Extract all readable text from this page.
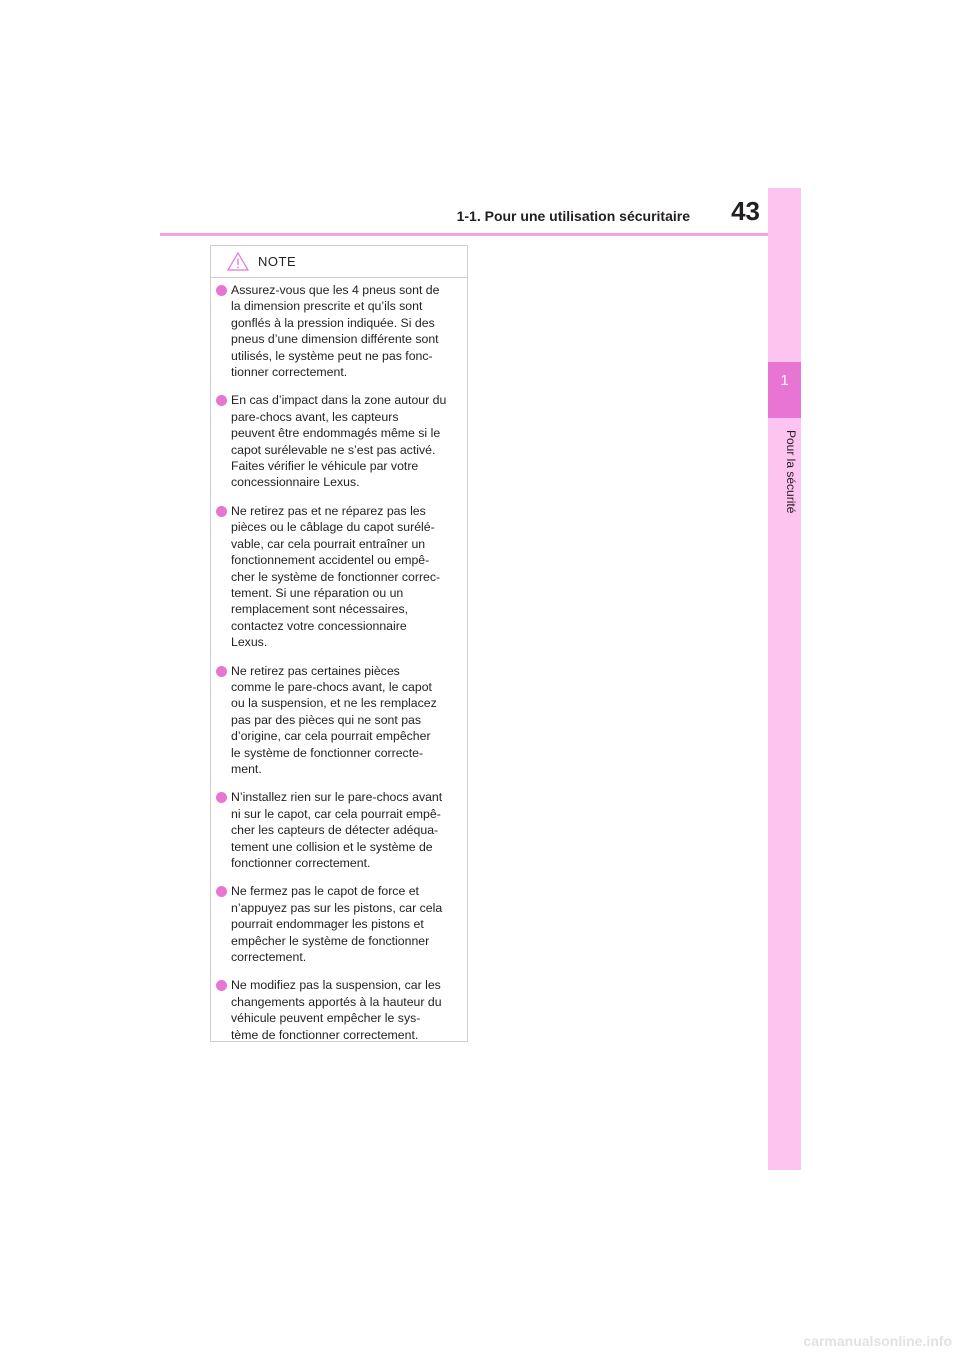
1-1. Pour une utilisation sécuritaire	43
1
Pour la sécurité
NOTE
Assurez-vous que les 4 pneus sont de
la dimension prescrite et qu’ils sont
gonflés à la pression indiquée. Si des
pneus d’une dimension différente sont
utilisés, le système peut ne pas fonc-
tionner correctement.
En cas d’impact dans la zone autour du
pare-chocs avant, les capteurs
peuvent être endommagés même si le
capot surélevable ne s’est pas activé.
Faites vérifier le véhicule par votre
concessionnaire Lexus.
Ne retirez pas et ne réparez pas les
pièces ou le câblage du capot surélé-
vable, car cela pourrait entraîner un
fonctionnement accidentel ou empê-
cher le système de fonctionner correc-
tement. Si une réparation ou un
remplacement sont nécessaires,
contactez votre concessionnaire
Lexus.
Ne retirez pas certaines pièces
comme le pare-chocs avant, le capot
ou la suspension, et ne les remplacez
pas par des pièces qui ne sont pas
d’origine, car cela pourrait empêcher
le système de fonctionner correcte-
ment.
N’installez rien sur le pare-chocs avant
ni sur le capot, car cela pourrait empê-
cher les capteurs de détecter adéqua-
tement une collision et le système de
fonctionner correctement.
Ne fermez pas le capot de force et
n’appuyez pas sur les pistons, car cela
pourrait endommager les pistons et
empêcher le système de fonctionner
correctement.
Ne modifiez pas la suspension, car les
changements apportés à la hauteur du
véhicule peuvent empêcher le sys-
tème de fonctionner correctement.
carmanualsonline.info
